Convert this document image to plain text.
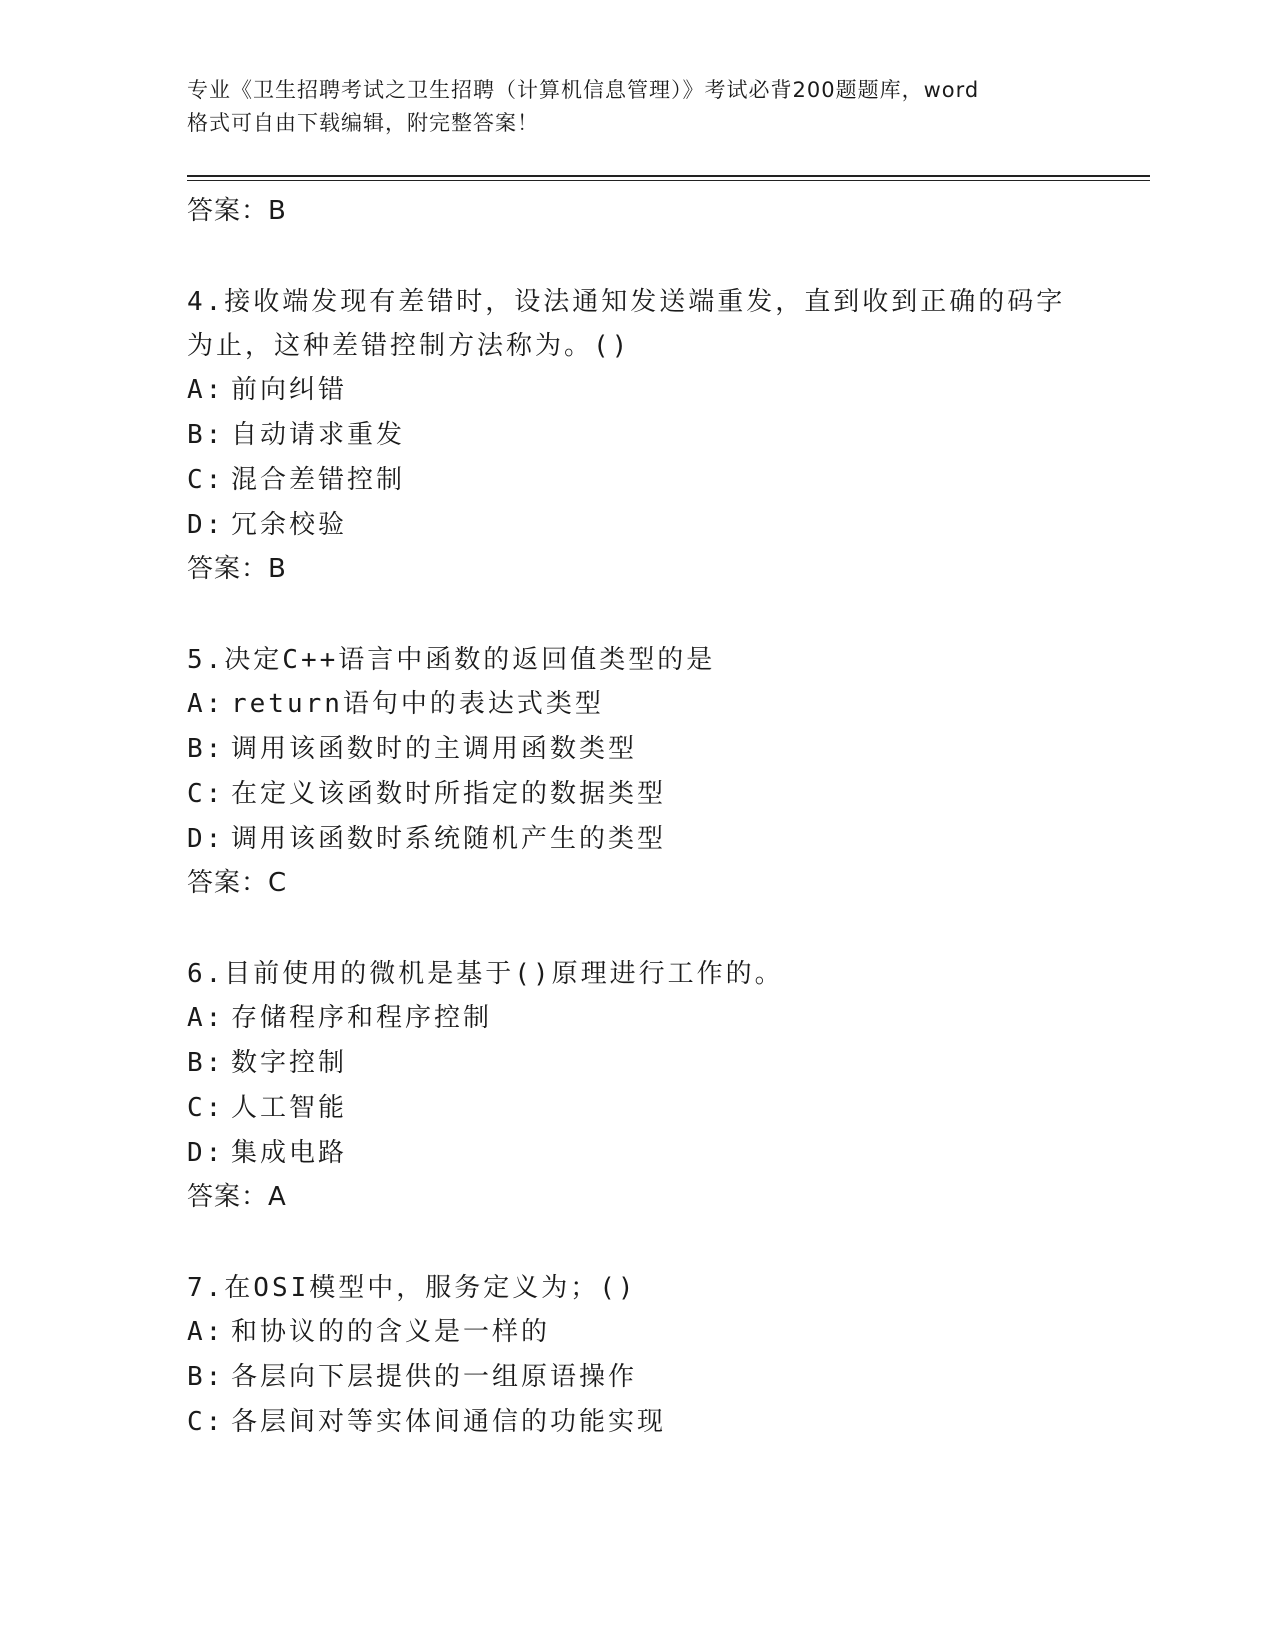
专业《卫生招聘考试之卫生招聘（计算机信息管理）》考试必背200题题库，word
格式可自由下载编辑，附完整答案！
答案：B
4.接收端发现有差错时，设法通知发送端重发，直到收到正确的码字
为止，这种差错控制方法称为。()
A: 前向纠错
B: 自动请求重发
C: 混合差错控制
D: 冗余校验
答案：B
5.决定C++语言中函数的返回值类型的是
A: return语句中的表达式类型
B: 调用该函数时的主调用函数类型
C: 在定义该函数时所指定的数据类型
D: 调用该函数时系统随机产生的类型
答案：C
6.目前使用的微机是基于()原理进行工作的。
A: 存储程序和程序控制
B: 数字控制
C: 人工智能
D: 集成电路
答案：A
7.在OSI模型中，服务定义为；()
A: 和协议的的含义是一样的
B: 各层向下层提供的一组原语操作
C: 各层间对等实体间通信的功能实现
